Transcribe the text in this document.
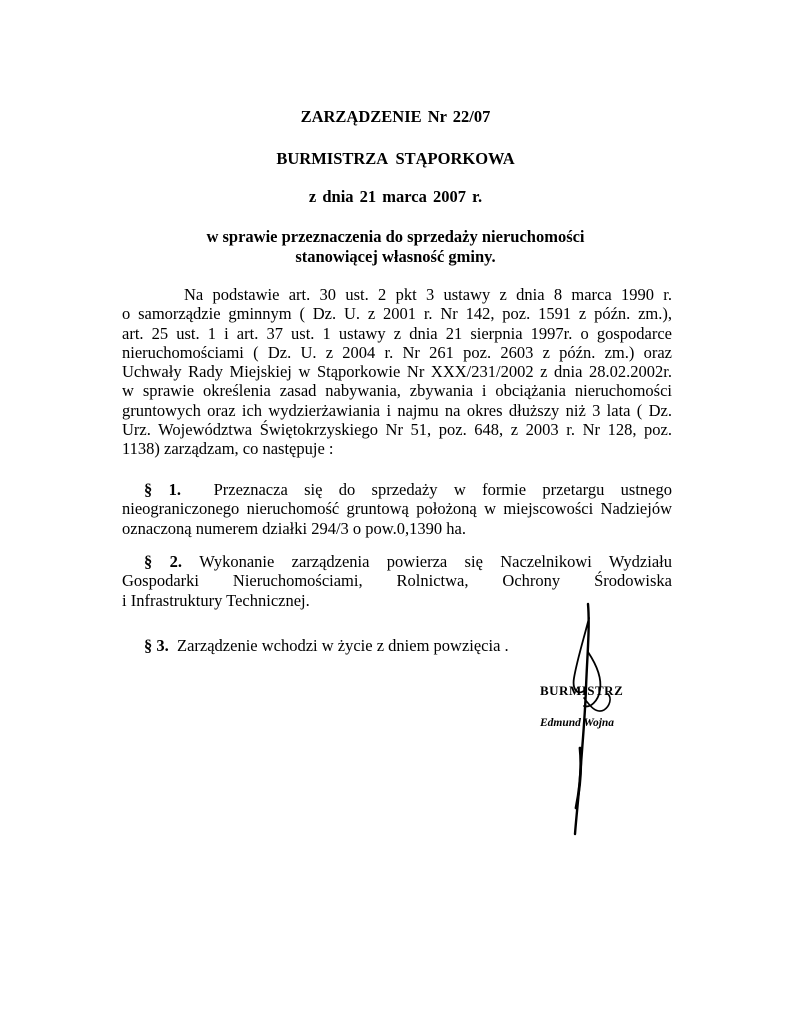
ZARZĄDZENIE Nr 22/07
BURMISTRZA STĄPORKOWA
z dnia 21 marca 2007 r.
w sprawie przeznaczenia do sprzedaży nieruchomości
stanowiącej własność gminy.
Na podstawie art. 30 ust. 2 pkt 3 ustawy z dnia 8 marca 1990 r.
o samorządzie gminnym ( Dz. U. z 2001 r. Nr 142, poz. 1591 z późn. zm.),
art. 25 ust. 1 i art. 37 ust. 1 ustawy z dnia 21 sierpnia 1997r. o gospodarce
nieruchomościami ( Dz. U. z 2004 r. Nr 261 poz. 2603 z późn. zm.) oraz
Uchwały Rady Miejskiej w Stąporkowie Nr XXX/231/2002 z dnia 28.02.2002r.
w sprawie określenia zasad nabywania, zbywania i obciążania nieruchomości
gruntowych oraz ich wydzierżawiania i najmu na okres dłuższy niż 3 lata ( Dz.
Urz. Województwa Świętokrzyskiego Nr 51, poz. 648, z 2003 r. Nr 128, poz.
1138) zarządzam, co następuje :
§ 1. Przeznacza się do sprzedaży w formie przetargu ustnego
nieograniczonego nieruchomość gruntową położoną w miejscowości Nadziejów
oznaczoną numerem działki 294/3 o pow.0,1390 ha.
§ 2. Wykonanie zarządzenia powierza się Naczelnikowi Wydziału
Gospodarki Nieruchomościami, Rolnictwa, Ochrony Środowiska
i Infrastruktury Technicznej.
§ 3. Zarządzenie wchodzi w życie z dniem powzięcia .
BURMISTRZ
Edmund Wojna
